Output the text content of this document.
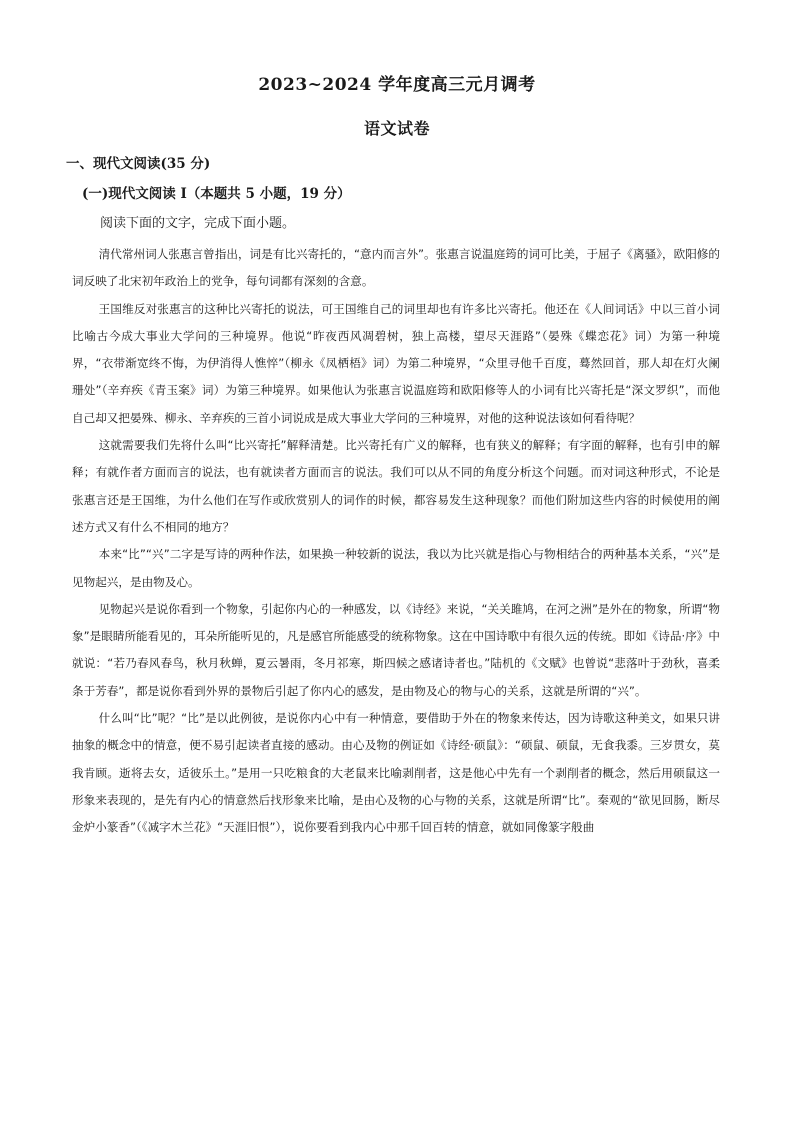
2023~2024 学年度高三元月调考
语文试卷
一、现代文阅读(35 分)
(一)现代文阅读 I（本题共 5 小题，19 分）
阅读下面的文字，完成下面小题。

清代常州词人张惠言曾指出，词是有比兴寄托的，“意内而言外”。张惠言说温庭筠的词可比美，于屈子《离骚》，欧阳修的词反映了北宋初年政治上的党争，每句词都有深刻的含意。

王国维反对张惠言的这种比兴寄托的说法，可王国维自己的词里却也有许多比兴寄托。他还在《人间词话》中以三首小词比喻古今成大事业大学问的三种境界。他说“昨夜西风凋碧树，独上高楼，望尽天涯路”（晏殊《蝶恋花》词）为第一种境界，“衣带渐宽终不悔，为伊消得人憔悴”（柳永《凤栖梧》词）为第二种境界，“众里寻他千百度，蓦然回首，那人却在灯火阑珊处”（辛弃疾《青玉案》词）为第三种境界。如果他认为张惠言说温庭筠和欧阳修等人的小词有比兴寄托是“深文罗织”，而他自己却又把晏殊、柳永、辛弃疾的三首小词说成是成大事业大学问的三种境界，对他的这种说法该如何看待呢？

这就需要我们先将什么叫“比兴寄托”解释清楚。比兴寄托有广义的解释，也有狭义的解释；有字面的解释，也有引申的解释；有就作者方面而言的说法，也有就读者方面而言的说法。我们可以从不同的角度分析这个问题。而对词这种形式，不论是张惠言还是王国维，为什么他们在写作或欣赏别人的词作的时候，都容易发生这种现象？而他们附加这些内容的时候使用的阐述方式又有什么不相同的地方？

本来“比”“兴”二字是写诗的两种作法，如果换一种较新的说法，我以为比兴就是指心与物相结合的两种基本关系，“兴”是见物起兴，是由物及心。

见物起兴是说你看到一个物象，引起你内心的一种感发，以《诗经》来说，“关关雎鸠，在河之洲”是外在的物象，所谓“物象”是眼睛所能看见的，耳朵所能听见的，凡是感官所能感受的统称物象。这在中国诗歌中有很久远的传统。即如《诗品·序》中就说：“若乃春风春鸟，秋月秋蝉，夏云暑雨，冬月祁寒，斯四候之感诸诗者也。”陆机的《文赋》也曾说“悲落叶于劲秋，喜柔条于芳春”，都是说你看到外界的景物后引起了你内心的感发，是由物及心的物与心的关系，这就是所谓的“兴”。

什么叫“比”呢？“比”是以此例彼，是说你内心中有一种情意，要借助于外在的物象来传达，因为诗歌这种美文，如果只讲抽象的概念中的情意，便不易引起读者直接的感动。由心及物的例证如《诗经·硕鼠》：“硕鼠、硕鼠，无食我黍。三岁贯女，莫我肯顾。逝将去女，适彼乐土。”是用一只吃粮食的大老鼠来比喻剥削者，这是他心中先有一个剥削者的概念，然后用硕鼠这一形象来表现的，是先有内心的情意然后找形象来比喻，是由心及物的心与物的关系，这就是所谓“比”。秦观的“欲见回肠，断尽金炉小篆香”（《减字木兰花》“天涯旧恨”），说你要看到我内心中那千回百转的情意，就如同像篆字般曲
